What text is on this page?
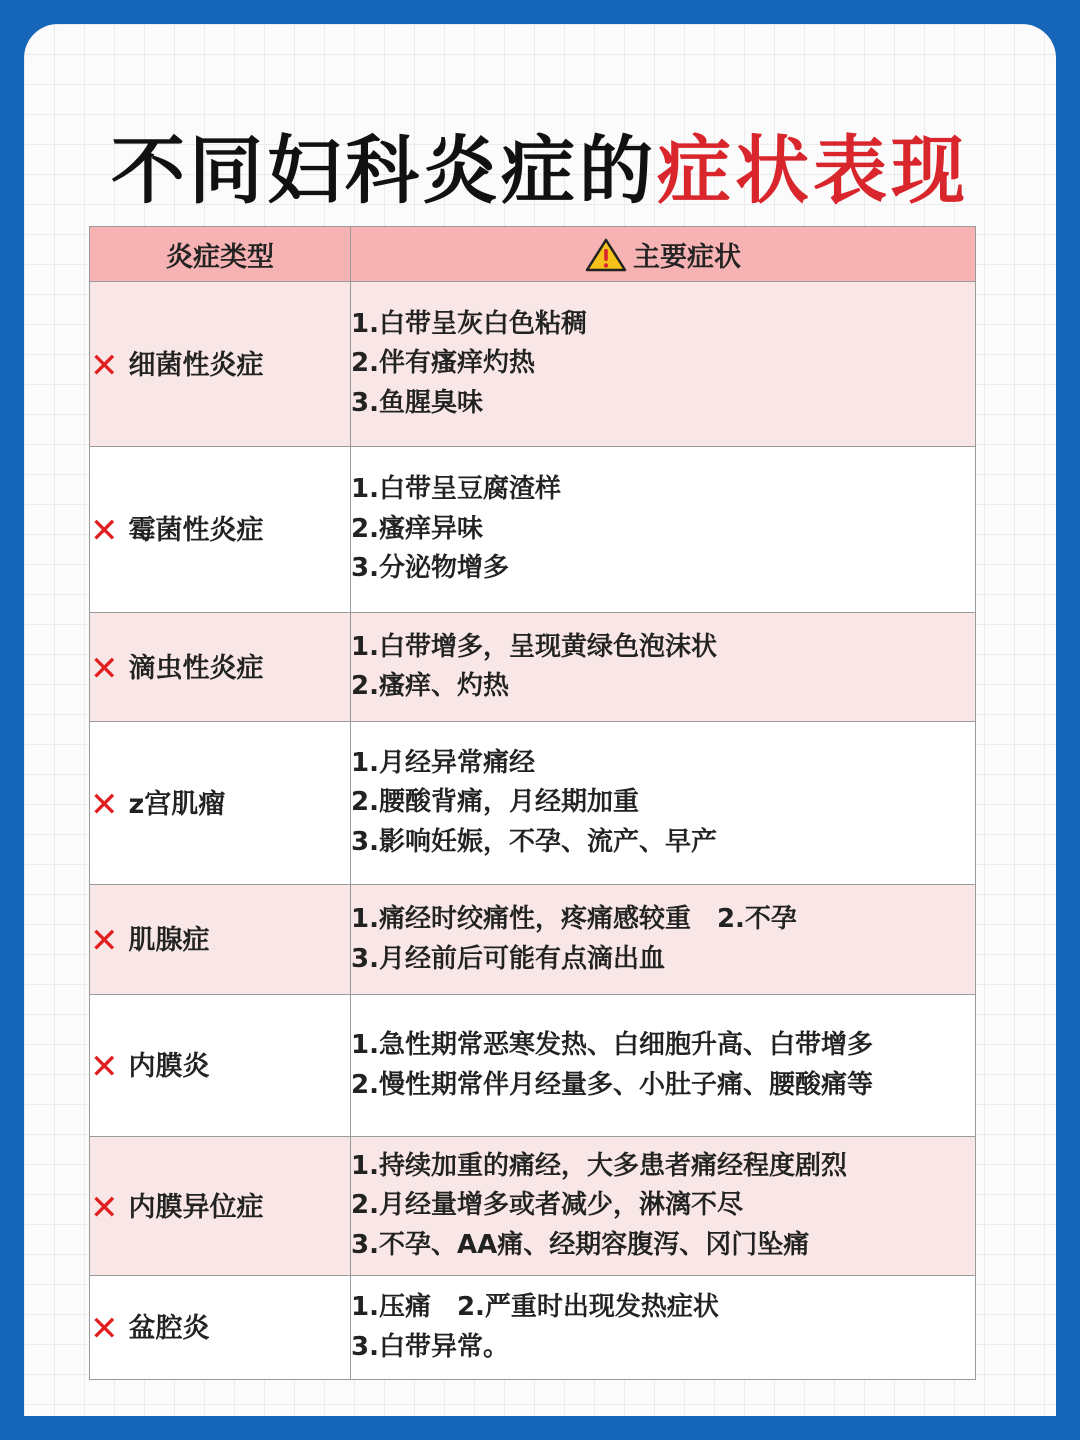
不同妇科炎症的症状表现
炎症类型	主要症状
✕ 细菌性炎症	1.白带呈灰白色粘稠
2.伴有瘙痒灼热
3.鱼腥臭味

✕ 霉菌性炎症	1.白带呈豆腐渣样
2.瘙痒异味
3.分泌物增多

✕ 滴虫性炎症	1.白带增多，呈现黄绿色泡沫状
2.瘙痒、灼热

✕ z宫肌瘤	1.月经异常痛经
2.腰酸背痛，月经期加重
3.影响妊娠，不孕、流产、早产

✕ 肌腺症	1.痛经时绞痛性，疼痛感较重　2.不孕
3.月经前后可能有点滴出血

✕ 内膜炎	1.急性期常恶寒发热、白细胞升高、白带增多
2.慢性期常伴月经量多、小肚子痛、腰酸痛等

✕ 内膜异位症	1.持续加重的痛经，大多患者痛经程度剧烈
2.月经量增多或者减少，淋漓不尽
3.不孕、AA痛、经期容腹泻、冈门坠痛

✕ 盆腔炎	1.压痛　2.严重时出现发热症状
3.白带异常。
